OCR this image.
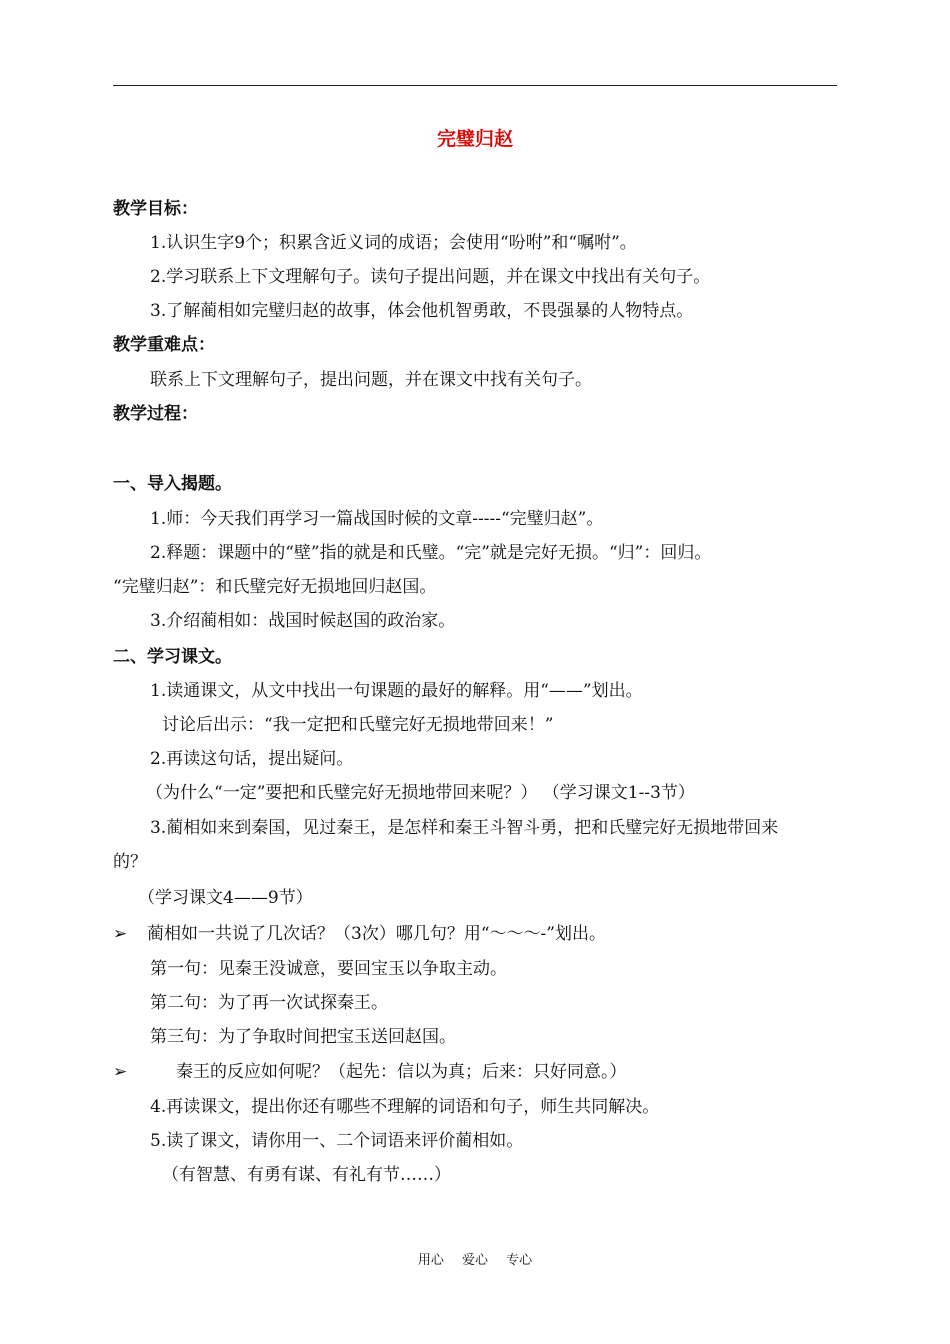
完璧归赵
教学目标：
1.认识生字9个；积累含近义词的成语；会使用“吩咐”和“嘱咐”。
2.学习联系上下文理解句子。读句子提出问题，并在课文中找出有关句子。
3.了解蔺相如完璧归赵的故事，体会他机智勇敢，不畏强暴的人物特点。
教学重难点：
联系上下文理解句子，提出问题，并在课文中找有关句子。
教学过程：
一、导入揭题。
1.师：今天我们再学习一篇战国时候的文章-----“完璧归赵”。
2.释题：课题中的“壁”指的就是和氏璧。“完”就是完好无损。“归”：回归。
“完璧归赵”：和氏璧完好无损地回归赵国。
3.介绍蔺相如：战国时候赵国的政治家。
二、学习课文。
1.读通课文，从文中找出一句课题的最好的解释。用“——”划出。
讨论后出示：“我一定把和氏璧完好无损地带回来！”
2.再读这句话，提出疑问。
（为什么“一定”要把和氏璧完好无损地带回来呢？） （学习课文1--3节）
3.蔺相如来到秦国，见过秦王，是怎样和秦王斗智斗勇，把和氏璧完好无损地带回来
的？
（学习课文4——9节）
➢ 蔺相如一共说了几次话？（3次）哪几句？用“～～～-”划出。
第一句：见秦王没诚意，要回宝玉以争取主动。
第二句：为了再一次试探秦王。
第三句：为了争取时间把宝玉送回赵国。
➢	秦王的反应如何呢？（起先：信以为真；后来：只好同意。）
4.再读课文，提出你还有哪些不理解的词语和句子，师生共同解决。
5.读了课文，请你用一、二个词语来评价蔺相如。
（有智慧、有勇有谋、有礼有节……）
用心 爱心 专心
